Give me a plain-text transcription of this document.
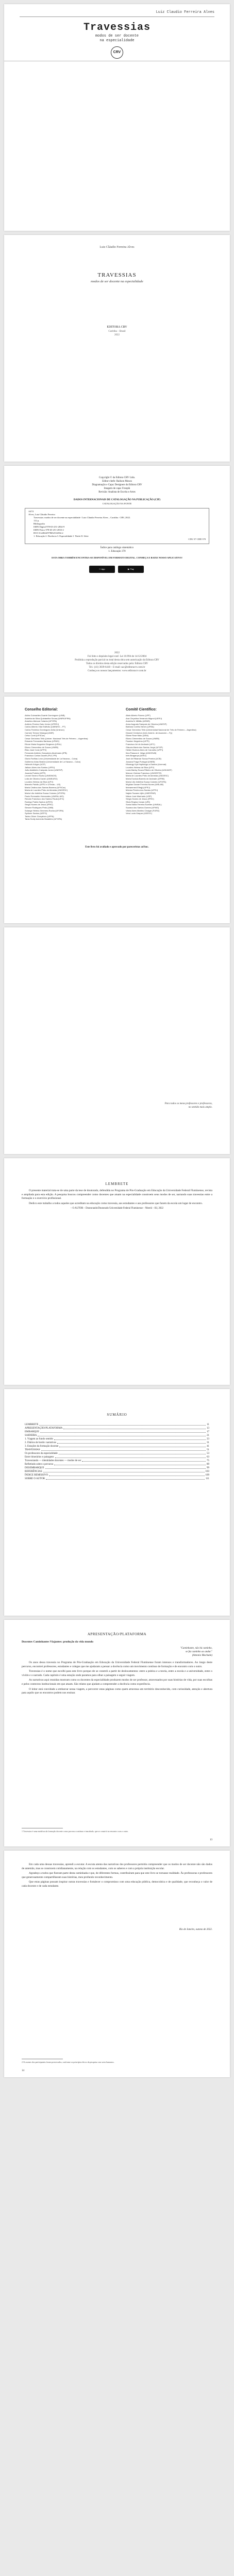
Luiz Claudio Ferreira Alves
Travessias
modos de ser docente
na especialidade
CRV
Luiz Cláudio Ferreira Alves
TRAVESSIAS
modos de ser docente na especialidade
EDITORA CRV
Curitiba – Brasil
2022
Copyright © da Editora CRV Ltda.
Editor-chefe: Railson Moura
Diagramação e Capa: Designers da Editora CRV
Imagem de capa: Freepik
Revisão: Analista de Escrita e Artes
DADOS INTERNACIONAIS DE CATALOGAÇÃO NA PUBLICAÇÃO (CIP)
CATALOGAÇÃO NA FONTE
A474
Alves, Luiz Cláudio Ferreira
Travessias: modos de ser docente na especialidade / Luiz Cláudio Ferreira Alves – Curitiba : CRV, 2022.
112 p.
Bibliografia
ISBN Digital 978-65-251-2834-9
ISBN Físico 978-65-251-2833-2
DOI 10.24824/978652512832.2
1. Educação 2. Docência 3. Especialidade I. Título II. Série
CDU 37 CDD 370
Índice para catálogo sistemático
1. Educação 370
ESTA OBRA TAMBÉM ENCONTRA-SE DISPONÍVEL EM FORMATO DIGITAL. CONHEÇA E BAIXE NOSSO APLICATIVO!
App	▶ Play
2022
Foi feito o depósito legal conf. Lei 10.994 de 14/12/2004
Proibida a reprodução parcial ou total desta obra sem autorização da Editora CRV
Todos os direitos desta edição reservados pela: Editora CRV
Tel.: (41) 3039-6418 – E-mail: sac@editoracrv.com.br
Conheça os nossos lançamentos: www.editoracrv.com.br
Conselho Editorial:	Comitê Científico:
Aldira Guimarães Duarte Domínguez (UNB)
Andréia da Silva Quintanilha Sousa (UNIR/UFRN)
Anselmo Alencar Colares (UFOPA)
Antônio Pereira Gaio Júnior (UFRRJ)
Carlos Alberto Vilar Estêvão (UMINHO – PT)
Carlos Federico Dominguez Avila (Unieuro)
Carmen Tereza Velanga (UNIR)
Celso Conti (UFSCar)
Cesar Gerónimo Tello (Univer. Nacional Três de Febrero – Argentina)
Eduardo Fernandes Barbosa (UFMG)
Elione Maria Nogueira Diogenes (UFAL)
Elizeu Clementino de Souza (UNEB)
Élsio José Corá (UFFS)
Fernando Antônio Gonçalves Alcoforado (IPB)
Francisco Carlos Duarte (PUC-PR)
Gloria Fariñas León (Universidade de La Havana – Cuba)
Guillermo Arias Beatón (Universidade de La Havana – Cuba)
Helmuth Krüger (UCP)
Jailson Alves dos Santos (UFRJ)
João Adalberto Campato Junior (UNESP)
Josania Portela (UFPI)
Leonel Severo Rocha (UNISINOS)
Lídia de Oliveira Xavier (UNIEURO)
Lourdes Helena da Silva (UFV)
Marcelo Paixão (UFRJ e UTexas – US)
Maria Cristina dos Santos Bezerra (UFSCar)
Maria de Lourdes Pinto de Almeida (UNOESC)
Maria Lília Imbiriba Sousa Colares (UFOPA)
Paulo Romualdo Hernandes (UNIFAL-MG)
Renato Francisco dos Santos Paula (UFG)
Rodrigo Pratte-Santos (UFES)
Sérgio Nunes de Jesus (IFRO)
Simone Rodrigues Pinto (UNB)
Solange Helena Ximenes-Rocha (UFOPA)
Sydione Santos (UEPG)
Tadeu Oliver Gonçalves (UFPA)
Tania Suely Azevedo Brasileiro (UFOPA)
Altair Alberto Fávero (UPF)
Ana Chrystina Venancio Mignot (UERJ)
Andréia N. Militão (UEMS)
Anna Augusta Sampaio de Oliveira (UNESP)
Barbara Coelho Neves (UFBA)
Cesar Gerónimo Tello (Universidad Nacional de Três de Febrero – Argentina)
Diosnel Centurion (Univ Americ. de Asunción – Py)
Eliane Rose Maio (UEM)
Elizeu Clementino de Souza (UNEB)
Fauston Negreiros (UFPI)
Francisco Ari de Andrade (UFC)
Gláucia Maria dos Santos Jorge (UFOP)
Helder Buenos Aires de Carvalho (UFPI)
Ilma Passos A. Veiga (UNICEUB)
Inês Bragança (UERJ)
José de Ribamar Sousa Pereira (UCB)
Jussara Fraga Portugal (UNEB)
Kilwangy Kya Kapitango-a-Samba (Unemat)
Lourdes Helena da Silva (UFV)
Lucia Marisy Souza Ribeiro de Oliveira (UNIVASF)
Marcos Vinicius Francisco (UNOESTE)
Maria de Lourdes Pinto de Almeida (UNOESC)
Maria Eurácia Barreto de Andrade (UFRB)
Maria Lília Imbiriba Sousa Colares (UFOPA)
Míghian Danae Ferreira Nunes (UNILAB)
Mohammed Elhajji (UFRJ)
Mônica Pereira dos Santos (UFRJ)
Najela Tavares Ujiie (UNESPAR)
Nilson José Machado (USP)
Sérgio Nunes de Jesus (IFRO)
Silvia Regina Canan (URI)
Sonia Maria Ferreira Koehler (UNISAL)
Suzana dos Santos Gomes (UFMG)
Vânia Alves Martins Chaigar (FURG)
Vera Lucia Gaspar (UDESC)
Este livro foi avaliado e aprovado por pareceristas ad hoc.
Para todos os meus professores e professoras,
no sentido mais amplo.
LEMBRETE

O presente material trata-se de uma parte da tese de doutorado, defendida no Programa de Pós-Graduação em Educação da Universidade Federal Fluminense, revista e ampliada para esta edição. A pesquisa buscou compreender como docentes que atuam na especialidade constroem seus modos de ser, narrando suas travessias entre a formação e o exercício profissional.

Dedico este trabalho a todos aqueles que acreditam na educação como travessia, aos estudantes e aos professores que fazem da escola um lugar de encontro.

– O AUTOR – Doutorando/Doutorado Universidade Federal Fluminense – Niterói – RJ, 2022

SUMÁRIO
LEMBRETE	11
APRESENTAÇÃO/PLATAFORMA	13
EMBARQUE	17
SAIDEIRA	21
1. Viagem ao fundo sentido	23
2. Diários de bordo: narrativas	31
3. Estações da formação docente	41
TRAVESSIAS	51
Os professores da especialidade	53
Entre itinerários e paisagens	63
Travessiando — identidades docentes — modos de ser	75
Refletindo sobre o percurso	89
DESEMBARQUE	99
REFERÊNCIAS	103
ÍNDICE REMISSIVO	109
SOBRE O AUTOR	111
APRESENTAÇÃO/PLATAFORMA
Docentes Caminhantes Viajantes: produção da vida mundo
"Caminhante, não há caminho,
se faz caminho ao andar."
(Antonio Machado)

Os anos dessa travessia no Programa de Pós-Graduação em Educação da Universidade Federal Fluminense foram intensos e transformadores. Ao longo deste percurso, encontrei professores, estudantes e colegas que me ajudaram a pensar a docência como um movimento contínuo de formação e de encontro com o outro.

Travessias é o nome que escolhi para este livro porque ele se constrói a partir de deslocamentos: entre a prática e a teoria, entre a escola e a universidade, entre o vivido e o narrado. Cada capítulo é uma estação onde paramos para olhar a paisagem e seguir viagem.

As narrativas aqui reunidas mostram como os docentes da especialidade produzem modos de ser professor, atravessados por suas histórias de vida, por suas escolhas e pelos contextos institucionais em que atuam. São relatos que ajudam a compreender a docência como experiência.

O leitor está convidado a embarcar nessa viagem, a percorrer estas páginas como quem atravessa um território desconhecido, com curiosidade, atenção e abertura para aquilo que os encontros podem nos ensinar.

1 Travessias é uma metáfora da formação docente como processo contínuo e inacabado, que se constrói no encontro com o outro.
13

Em cada uma dessas travessias, aprendi a escutar. A escuta atenta das narrativas dos professores permitiu compreender que os modos de ser docente não são dados de antemão, mas se constroem cotidianamente, na relação com os estudantes, com os saberes e com a própria instituição escolar.

Agradeço a todos que fizeram parte desta caminhada e que, de diferentes formas, contribuíram para que este livro se tornasse realidade. Às professoras e professores que generosamente compartilharam suas histórias, meu profundo reconhecimento.

Que estas páginas possam inspirar outras travessias e fortalecer o compromisso com uma educação pública, democrática e de qualidade, que reconheça o valor de cada docente e de cada estudante.

Rio de Janeiro, outono de 2022.
2 Os nomes dos participantes foram preservados, conforme os princípios éticos da pesquisa com seres humanos.
14
